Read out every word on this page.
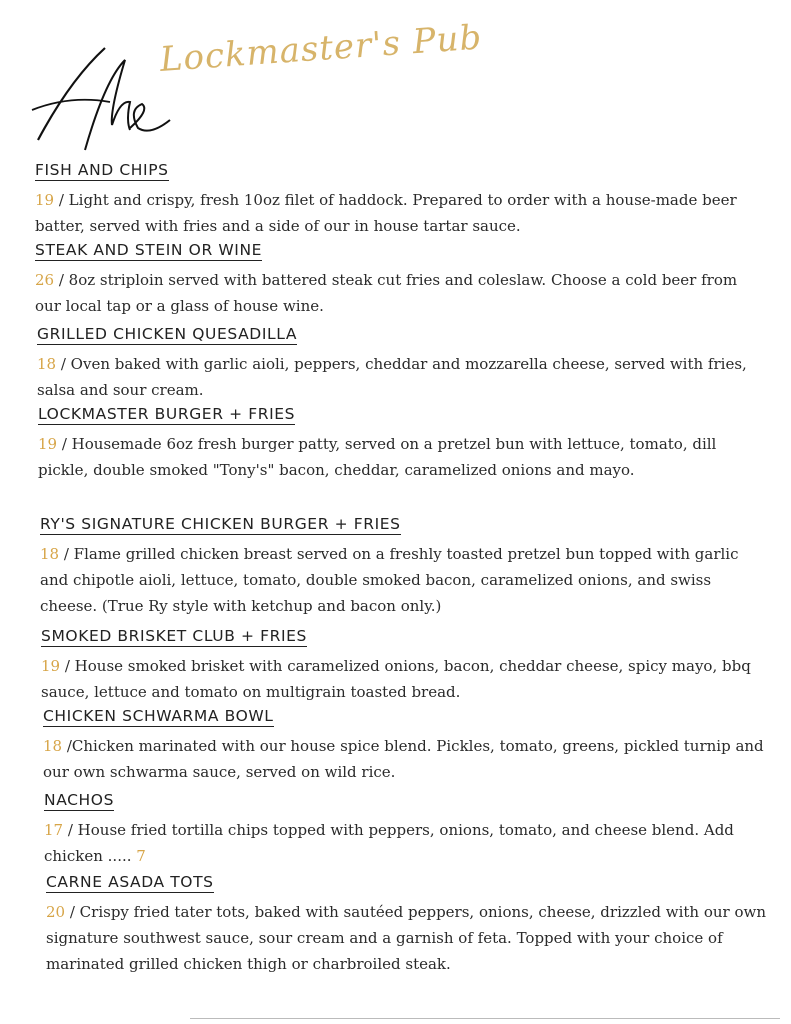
the
Lockmaster's Pub
FISH AND CHIPS

19 / Light and crispy, fresh 10oz filet of haddock. Prepared to order with a house-made beer batter, served with fries and a side of our in house tartar sauce.

STEAK AND STEIN OR WINE

26 / 8oz striploin served with battered steak cut fries and coleslaw. Choose a cold beer from our local tap or a glass of house wine.

GRILLED CHICKEN QUESADILLA

18 / Oven baked with garlic aioli, peppers, cheddar and mozzarella cheese, served with fries, salsa and sour cream.

LOCKMASTER BURGER + FRIES

19 / Housemade 6oz fresh burger patty, served on a pretzel bun with lettuce, tomato, dill pickle, double smoked "Tony's" bacon, cheddar, caramelized onions and mayo.

RY'S SIGNATURE CHICKEN BURGER + FRIES

18 / Flame grilled chicken breast served on a freshly toasted pretzel bun topped with garlic and chipotle aioli, lettuce, tomato, double smoked bacon, caramelized onions, and swiss cheese. (True Ry style with ketchup and bacon only.)

SMOKED BRISKET CLUB + FRIES

19 / House smoked brisket with caramelized onions, bacon, cheddar cheese, spicy mayo, bbq sauce, lettuce and tomato on multigrain toasted bread.

CHICKEN SCHWARMA BOWL

18 /Chicken marinated with our house spice blend. Pickles, tomato, greens, pickled turnip and our own schwarma sauce, served on wild rice.

NACHOS

17 / House fried tortilla chips topped with peppers, onions, tomato, and cheese blend. Add chicken ..... 7

CARNE ASADA TOTS

20 / Crispy fried tater tots, baked with sautéed peppers, onions, cheese, drizzled with our own signature southwest sauce, sour cream and a garnish of feta. Topped with your choice of marinated grilled chicken thigh or charbroiled steak.
